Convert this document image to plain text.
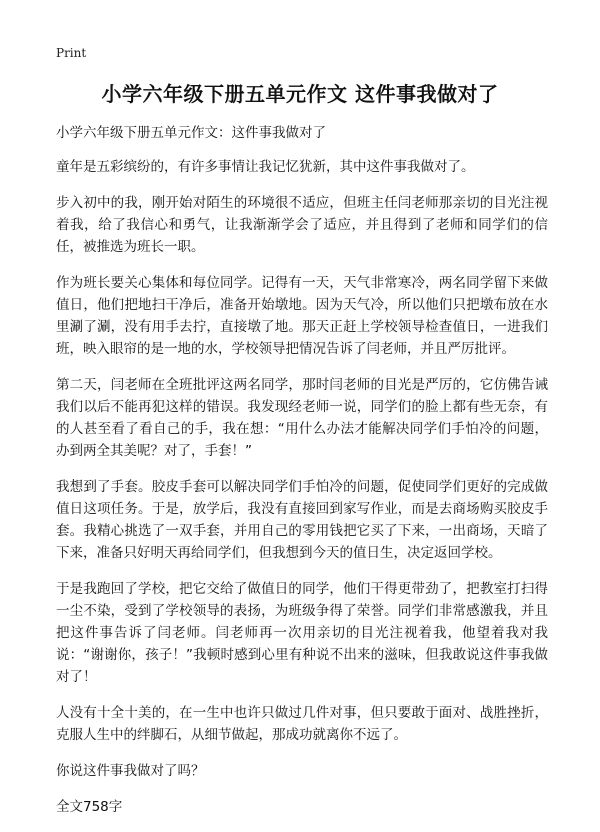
Print
小学六年级下册五单元作文 这件事我做对了

小学六年级下册五单元作文：这件事我做对了

童年是五彩缤纷的，有许多事情让我记忆犹新，其中这件事我做对了。

步入初中的我，刚开始对陌生的环境很不适应，但班主任闫老师那亲切的目光注视着我，给了我信心和勇气，让我渐渐学会了适应，并且得到了老师和同学们的信任，被推选为班长一职。

作为班长要关心集体和每位同学。记得有一天，天气非常寒冷，两名同学留下来做值日，他们把地扫干净后，准备开始墩地。因为天气冷，所以他们只把墩布放在水里涮了涮，没有用手去拧，直接墩了地。那天正赶上学校领导检查值日，一进我们班，映入眼帘的是一地的水，学校领导把情况告诉了闫老师，并且严厉批评。

第二天，闫老师在全班批评这两名同学，那时闫老师的目光是严厉的，它仿佛告诫我们以后不能再犯这样的错误。我发现经老师一说，同学们的脸上都有些无奈，有的人甚至看了看自己的手，我在想：“用什么办法才能解决同学们手怕冷的问题，办到两全其美呢？对了，手套！”

我想到了手套。胶皮手套可以解决同学们手怕冷的问题，促使同学们更好的完成做值日这项任务。于是，放学后，我没有直接回到家写作业，而是去商场购买胶皮手套。我精心挑选了一双手套，并用自己的零用钱把它买了下来，一出商场，天暗了下来，准备只好明天再给同学们，但我想到今天的值日生，决定返回学校。

于是我跑回了学校，把它交给了做值日的同学，他们干得更带劲了，把教室打扫得一尘不染，受到了学校领导的表扬，为班级争得了荣誉。同学们非常感激我，并且把这件事告诉了闫老师。闫老师再一次用亲切的目光注视着我，他望着我对我说：“谢谢你，孩子！”我顿时感到心里有种说不出来的滋味，但我敢说这件事我做对了！

人没有十全十美的，在一生中也许只做过几件对事，但只要敢于面对、战胜挫折，克服人生中的绊脚石，从细节做起，那成功就离你不远了。

你说这件事我做对了吗？

全文758字
